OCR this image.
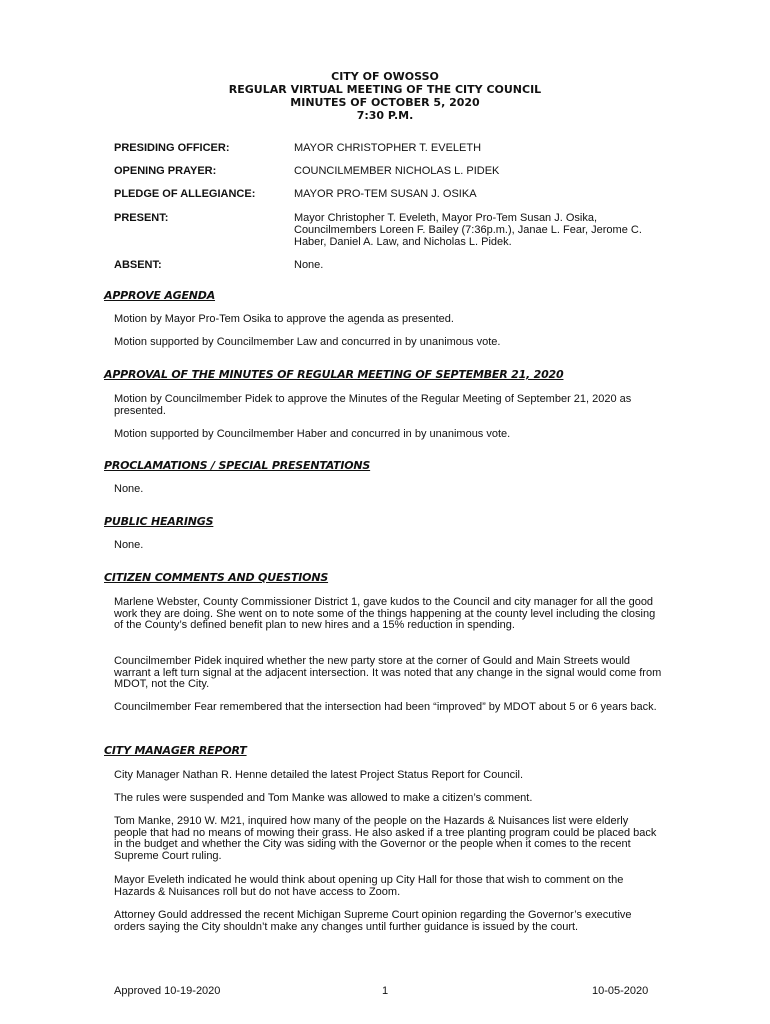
CITY OF OWOSSO
REGULAR VIRTUAL MEETING OF THE CITY COUNCIL
MINUTES OF OCTOBER 5, 2020
7:30 P.M.
PRESIDING OFFICER:	MAYOR CHRISTOPHER T. EVELETH
OPENING PRAYER:	COUNCILMEMBER NICHOLAS L. PIDEK
PLEDGE OF ALLEGIANCE:	MAYOR PRO-TEM SUSAN J. OSIKA
PRESENT:	Mayor Christopher T. Eveleth, Mayor Pro-Tem Susan J. Osika, Councilmembers Loreen F. Bailey (7:36p.m.), Janae L. Fear, Jerome C. Haber, Daniel A. Law, and Nicholas L. Pidek.
ABSENT:	None.
APPROVE AGENDA
Motion by Mayor Pro-Tem Osika to approve the agenda as presented.
Motion supported by Councilmember Law and concurred in by unanimous vote.
APPROVAL OF THE MINUTES OF REGULAR MEETING OF SEPTEMBER 21, 2020
Motion by Councilmember Pidek to approve the Minutes of the Regular Meeting of September 21, 2020 as presented.
Motion supported by Councilmember Haber and concurred in by unanimous vote.
PROCLAMATIONS / SPECIAL PRESENTATIONS
None.
PUBLIC HEARINGS
None.
CITIZEN COMMENTS AND QUESTIONS
Marlene Webster, County Commissioner District 1, gave kudos to the Council and city manager for all the good work they are doing. She went on to note some of the things happening at the county level including the closing of the County’s defined benefit plan to new hires and a 15% reduction in spending.
Councilmember Pidek inquired whether the new party store at the corner of Gould and Main Streets would warrant a left turn signal at the adjacent intersection. It was noted that any change in the signal would come from MDOT, not the City.
Councilmember Fear remembered that the intersection had been “improved” by MDOT about 5 or 6 years back.
CITY MANAGER REPORT
City Manager Nathan R. Henne detailed the latest Project Status Report for Council.
The rules were suspended and Tom Manke was allowed to make a citizen’s comment.
Tom Manke, 2910 W. M21, inquired how many of the people on the Hazards & Nuisances list were elderly people that had no means of mowing their grass. He also asked if a tree planting program could be placed back in the budget and whether the City was siding with the Governor or the people when it comes to the recent Supreme Court ruling.
Mayor Eveleth indicated he would think about opening up City Hall for those that wish to comment on the Hazards & Nuisances roll but do not have access to Zoom.
Attorney Gould addressed the recent Michigan Supreme Court opinion regarding the Governor’s executive orders saying the City shouldn’t make any changes until further guidance is issued by the court.
Approved 10-19-2020	1	10-05-2020
